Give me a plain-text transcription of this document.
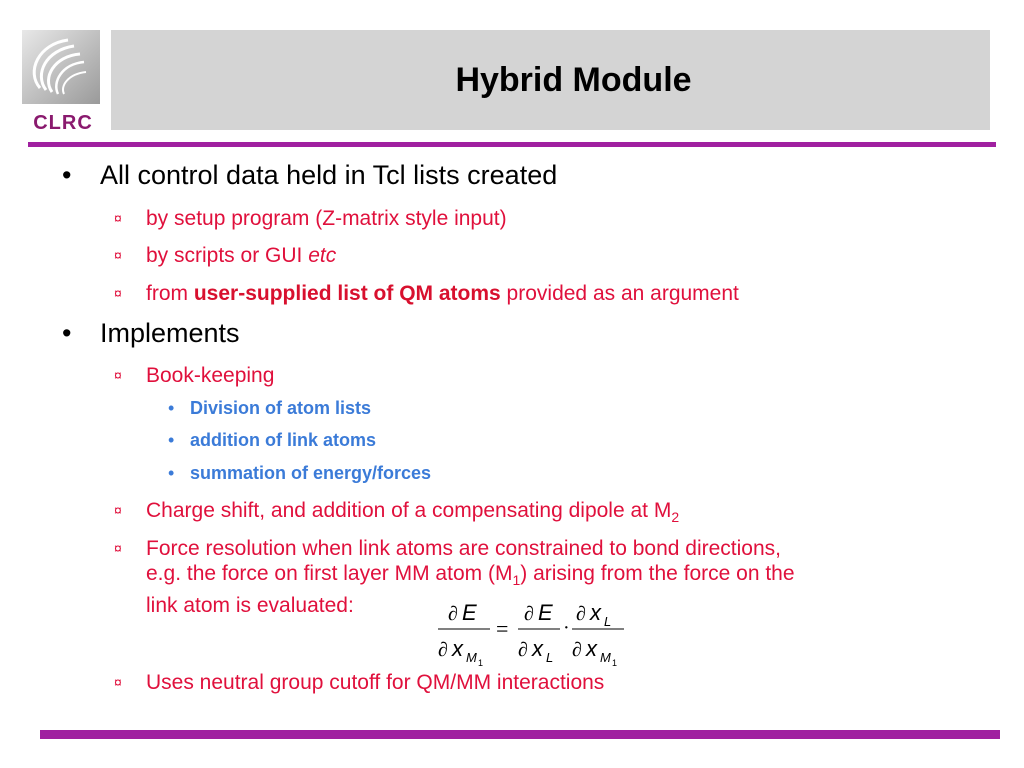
CLRC
Hybrid Module
• All control data held in Tcl lists created
¤ by setup program (Z-matrix style input)
¤ by scripts or GUI etc
¤ from user-supplied list of QM atoms provided as an argument
• Implements
¤ Book-keeping
• Division of atom lists
• addition of link atoms
• summation of energy/forces
¤ Charge shift, and addition of a compensating dipole at $M_2$
¤ Force resolution when link atoms are constrained to bond directions,
e.g. the force on first layer MM atom $(M_1)$ arising from the force on the
link atom is evaluated:
¤ Uses neutral group cutoff for QM/MM interactions
∂ E
∂ x M 1
=
∂ E
∂ x L
·
∂ x L
∂ x M 1
